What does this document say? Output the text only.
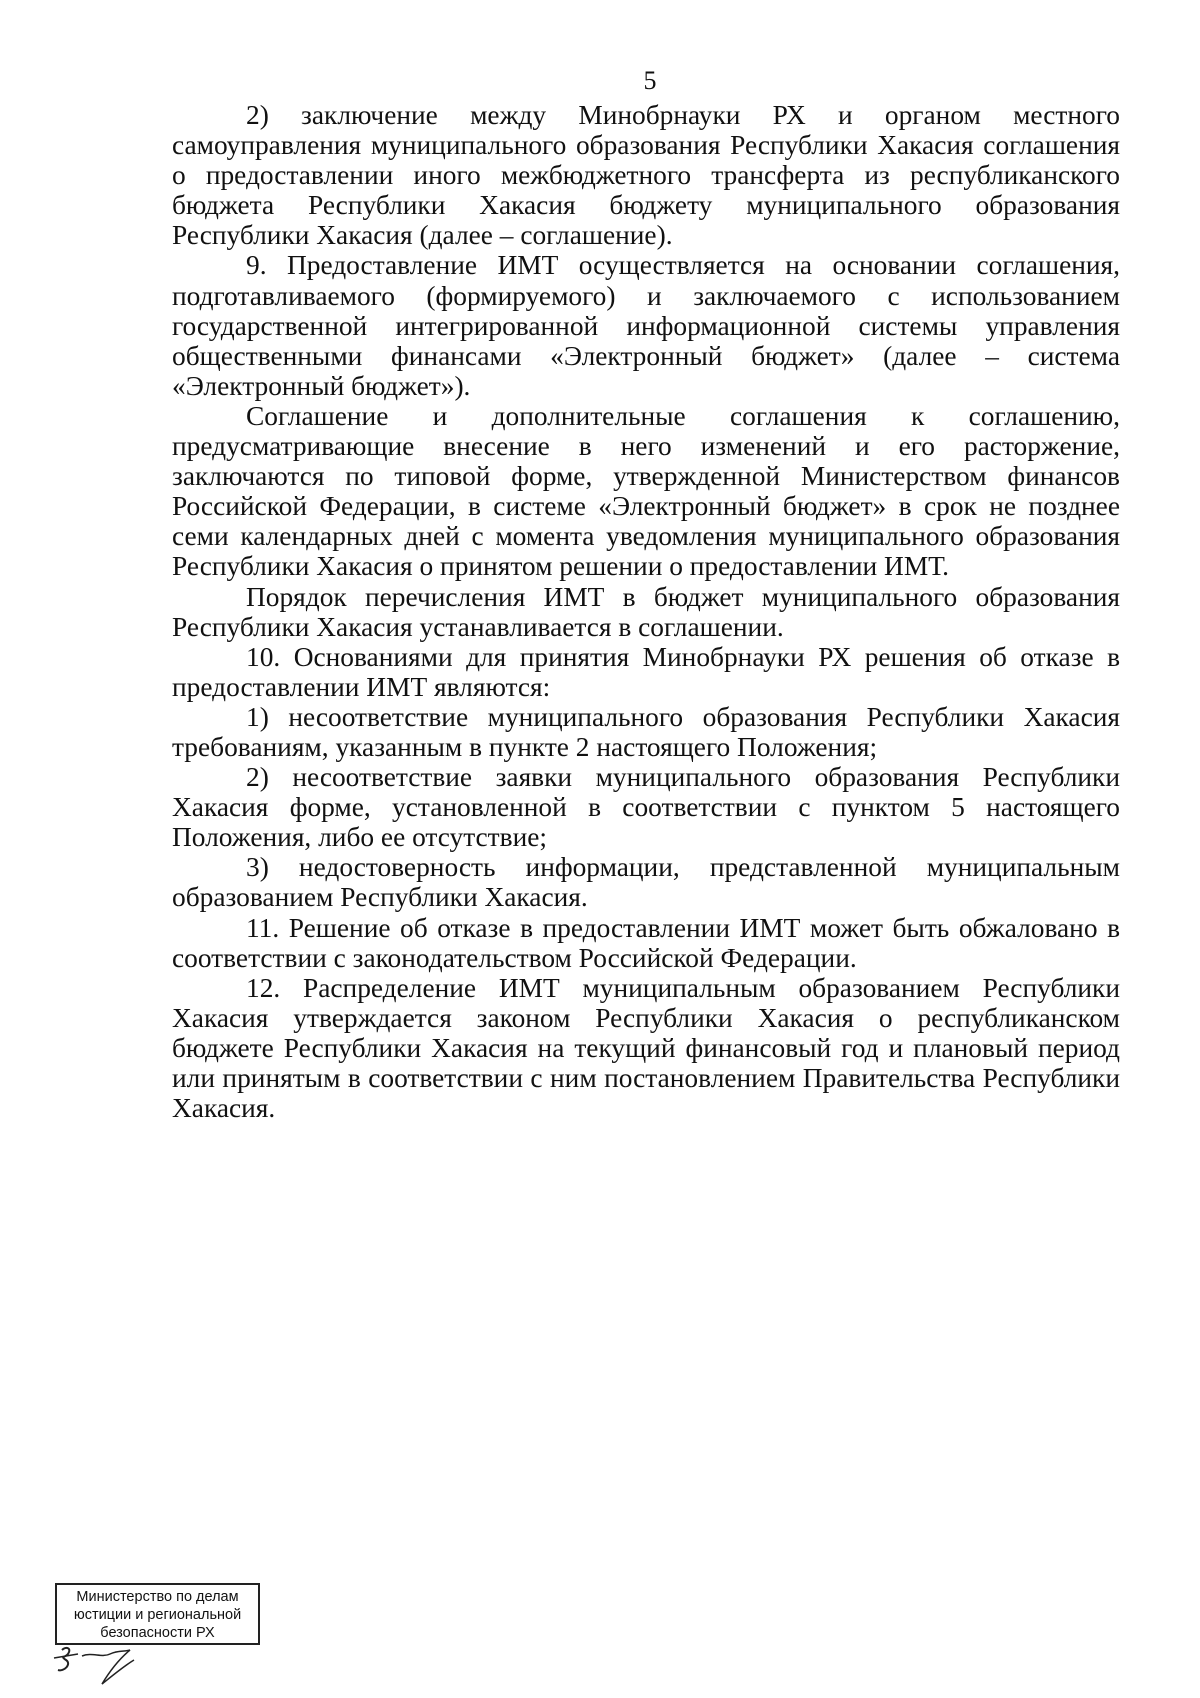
5

2) заключение между Минобрнауки РХ и органом местного самоуправления муниципального образования Республики Хакасия соглашения о предоставлении иного межбюджетного трансферта из республиканского бюджета Республики Хакасия бюджету муниципального образования Республики Хакасия (далее – соглашение).

9. Предоставление ИМТ осуществляется на основании соглашения, подготавливаемого (формируемого) и заключаемого с использованием государственной интегрированной информационной системы управления общественными финансами «Электронный бюджет» (далее – система «Электронный бюджет»).

Соглашение и дополнительные соглашения к соглашению, предусматривающие внесение в него изменений и его расторжение, заключаются по типовой форме, утвержденной Министерством финансов Российской Федерации, в системе «Электронный бюджет» в срок не позднее семи календарных дней с момента уведомления муниципального образования Республики Хакасия о принятом решении о предоставлении ИМТ.

Порядок перечисления ИМТ в бюджет муниципального образования Республики Хакасия устанавливается в соглашении.

10. Основаниями для принятия Минобрнауки РХ решения об отказе в предоставлении ИМТ являются:

1) несоответствие муниципального образования Республики Хакасия требованиям, указанным в пункте 2 настоящего Положения;

2) несоответствие заявки муниципального образования Республики Хакасия форме, установленной в соответствии с пунктом 5 настоящего Положения, либо ее отсутствие;

3) недостоверность информации, представленной муниципальным образованием Республики Хакасия.

11. Решение об отказе в предоставлении ИМТ может быть обжаловано в соответствии с законодательством Российской Федерации.

12. Распределение ИМТ муниципальным образованием Республики Хакасия утверждается законом Республики Хакасия о республиканском бюджете Республики Хакасия на текущий финансовый год и плановый период или принятым в соответствии с ним постановлением Правительства Республики Хакасия.

Министерство по делам
юстиции и региональной
безопасности РХ
